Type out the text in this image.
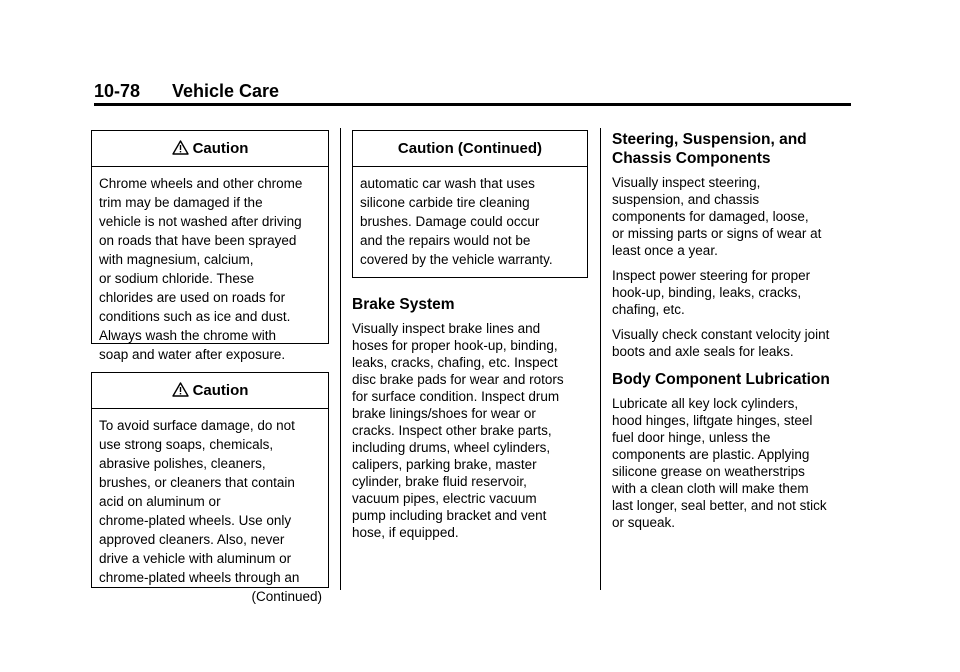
10-78 Vehicle Care
Caution
Chrome wheels and other chrome
trim may be damaged if the
vehicle is not washed after driving
on roads that have been sprayed
with magnesium, calcium,
or sodium chloride. These
chlorides are used on roads for
conditions such as ice and dust.
Always wash the chrome with
soap and water after exposure.
Caution
To avoid surface damage, do not
use strong soaps, chemicals,
abrasive polishes, cleaners,
brushes, or cleaners that contain
acid on aluminum or
chrome-plated wheels. Use only
approved cleaners. Also, never
drive a vehicle with aluminum or
chrome-plated wheels through an
(Continued)
Caution (Continued)
automatic car wash that uses
silicone carbide tire cleaning
brushes. Damage could occur
and the repairs would not be
covered by the vehicle warranty.
Brake System

Visually inspect brake lines and
hoses for proper hook-up, binding,
leaks, cracks, chafing, etc. Inspect
disc brake pads for wear and rotors
for surface condition. Inspect drum
brake linings/shoes for wear or
cracks. Inspect other brake parts,
including drums, wheel cylinders,
calipers, parking brake, master
cylinder, brake fluid reservoir,
vacuum pipes, electric vacuum
pump including bracket and vent
hose, if equipped.

Steering, Suspension, and
Chassis Components

Visually inspect steering,
suspension, and chassis
components for damaged, loose,
or missing parts or signs of wear at
least once a year.

Inspect power steering for proper
hook-up, binding, leaks, cracks,
chafing, etc.

Visually check constant velocity joint
boots and axle seals for leaks.

Body Component Lubrication

Lubricate all key lock cylinders,
hood hinges, liftgate hinges, steel
fuel door hinge, unless the
components are plastic. Applying
silicone grease on weatherstrips
with a clean cloth will make them
last longer, seal better, and not stick
or squeak.
